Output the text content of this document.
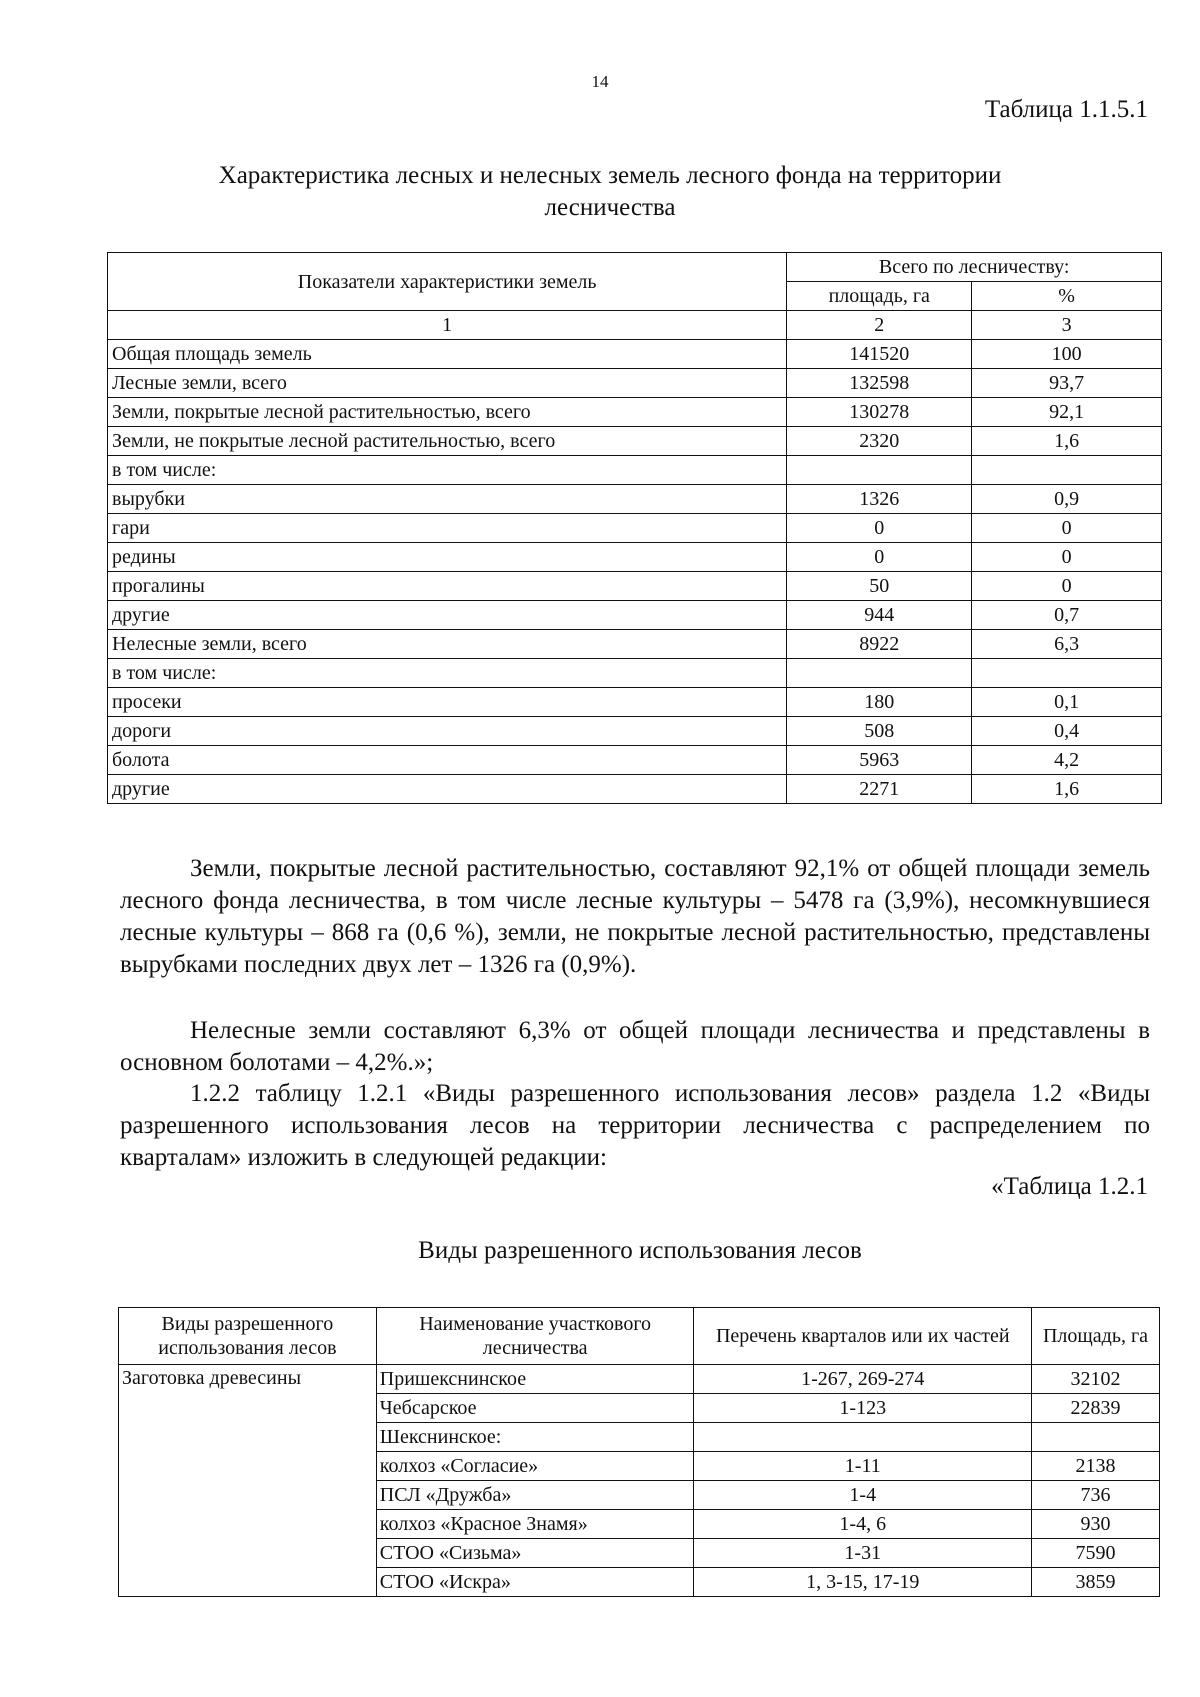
14
Таблица 1.1.5.1
Характеристика лесных и нелесных земель лесного фонда на территории лесничества
Показатели характеристики земель	Всего по лесничеству:	
	площадь, га	%
1	2	3
Общая площадь земель	141520	100
Лесные земли, всего	132598	93,7
Земли, покрытые лесной растительностью, всего	130278	92,1
Земли, не покрытые лесной растительностью, всего	2320	1,6
в том числе:		
вырубки	1326	0,9
гари	0	0
редины	0	0
прогалины	50	0
другие	944	0,7
Нелесные земли, всего	8922	6,3
в том числе:		
просеки	180	0,1
дороги	508	0,4
болота	5963	4,2
другие	2271	1,6
Земли, покрытые лесной растительностью, составляют 92,1% от общей площади земель лесного фонда лесничества, в том числе лесные культуры – 5478 га (3,9%), несомкнувшиеся лесные культуры – 868 га (0,6 %), земли, не покрытые лесной растительностью, представлены вырубками последних двух лет – 1326 га (0,9%).
Нелесные земли составляют 6,3% от общей площади лесничества и представлены в основном болотами – 4,2%.»;
1.2.2 таблицу 1.2.1 «Виды разрешенного использования лесов» раздела 1.2 «Виды разрешенного использования лесов на территории лесничества с распределением по кварталам» изложить в следующей редакции:
«Таблица 1.2.1
Виды разрешенного использования лесов
Виды разрешенного использования лесов	Наименование участкового лесничества	Перечень кварталов или их частей	Площадь, га
Заготовка древесины	Пришекснинское	1-267, 269-274	32102
	Чебсарское	1-123	22839
	Шекснинское:		
	колхоз «Согласие»	1-11	2138
	ПСЛ «Дружба»	1-4	736
	колхоз «Красное Знамя»	1-4, 6	930
	СТОО «Сизьма»	1-31	7590
	СТОО «Искра»	1, 3-15, 17-19	3859
